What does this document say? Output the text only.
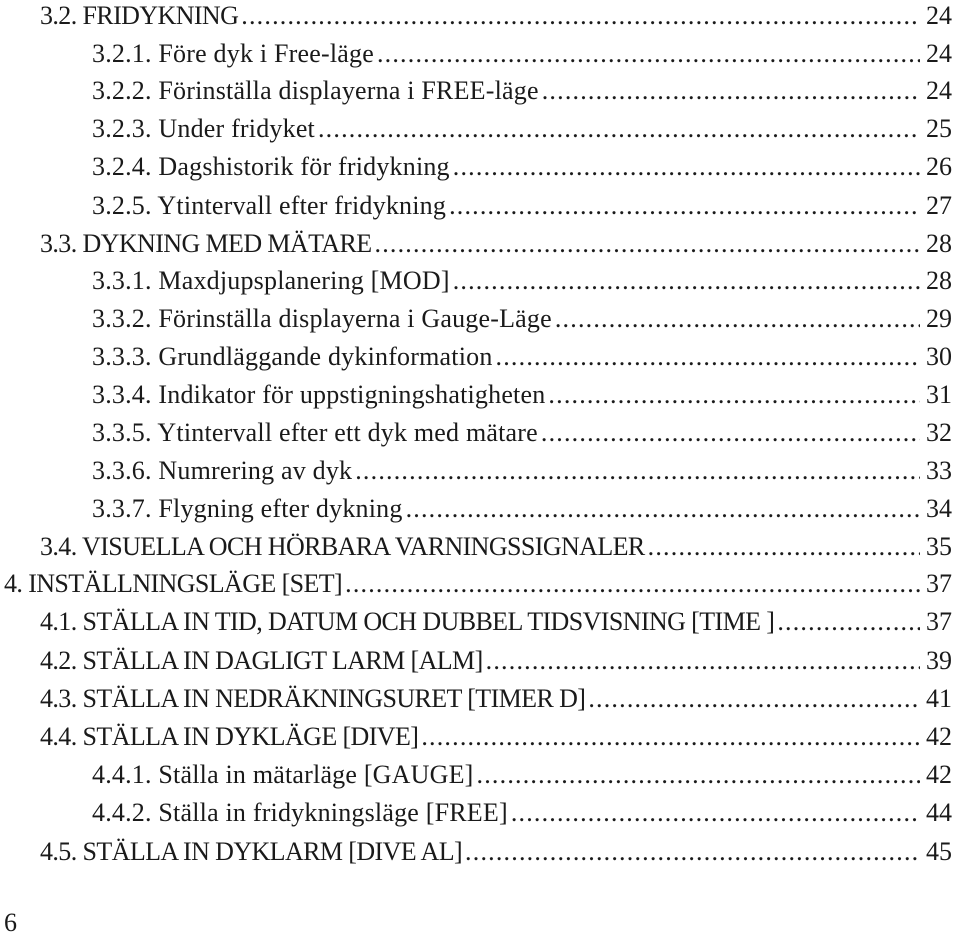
3.2. FRIDYKNING .....	24
3.2.1. Före dyk i Free-läge .....	24
3.2.2. Förinställa displayerna i FREE-läge .....	24
3.2.3. Under fridyket .....	25
3.2.4. Dagshistorik för fridykning .....	26
3.2.5. Ytintervall efter fridykning .....	27
3.3. DYKNING MED MÄTARE .....	28
3.3.1. Maxdjupsplanering [MOD] .....	28
3.3.2. Förinställa displayerna i Gauge-Läge .....	29
3.3.3. Grundläggande dykinformation .....	30
3.3.4. Indikator för uppstigningshatigheten .....	31
3.3.5. Ytintervall efter ett dyk med mätare .....	32
3.3.6. Numrering av dyk .....	33
3.3.7. Flygning efter dykning .....	34
3.4. VISUELLA OCH HÖRBARA VARNINGSSIGNALER .....	35
4. INSTÄLLNINGSLÄGE [SET] .....	37
4.1. STÄLLA IN TID, DATUM OCH DUBBEL TIDSVISNING [TIME ] .....	37
4.2. STÄLLA IN DAGLIGT LARM [ALM] .....	39
4.3. STÄLLA IN NEDRÄKNINGSURET [TIMER D] .....	41
4.4. STÄLLA IN DYKLÄGE [DIVE] .....	42
4.4.1. Ställa in mätarläge [GAUGE] .....	42
4.4.2. Ställa in fridykningsläge [FREE] .....	44
4.5. STÄLLA IN DYKLARM [DIVE AL] .....	45
6
